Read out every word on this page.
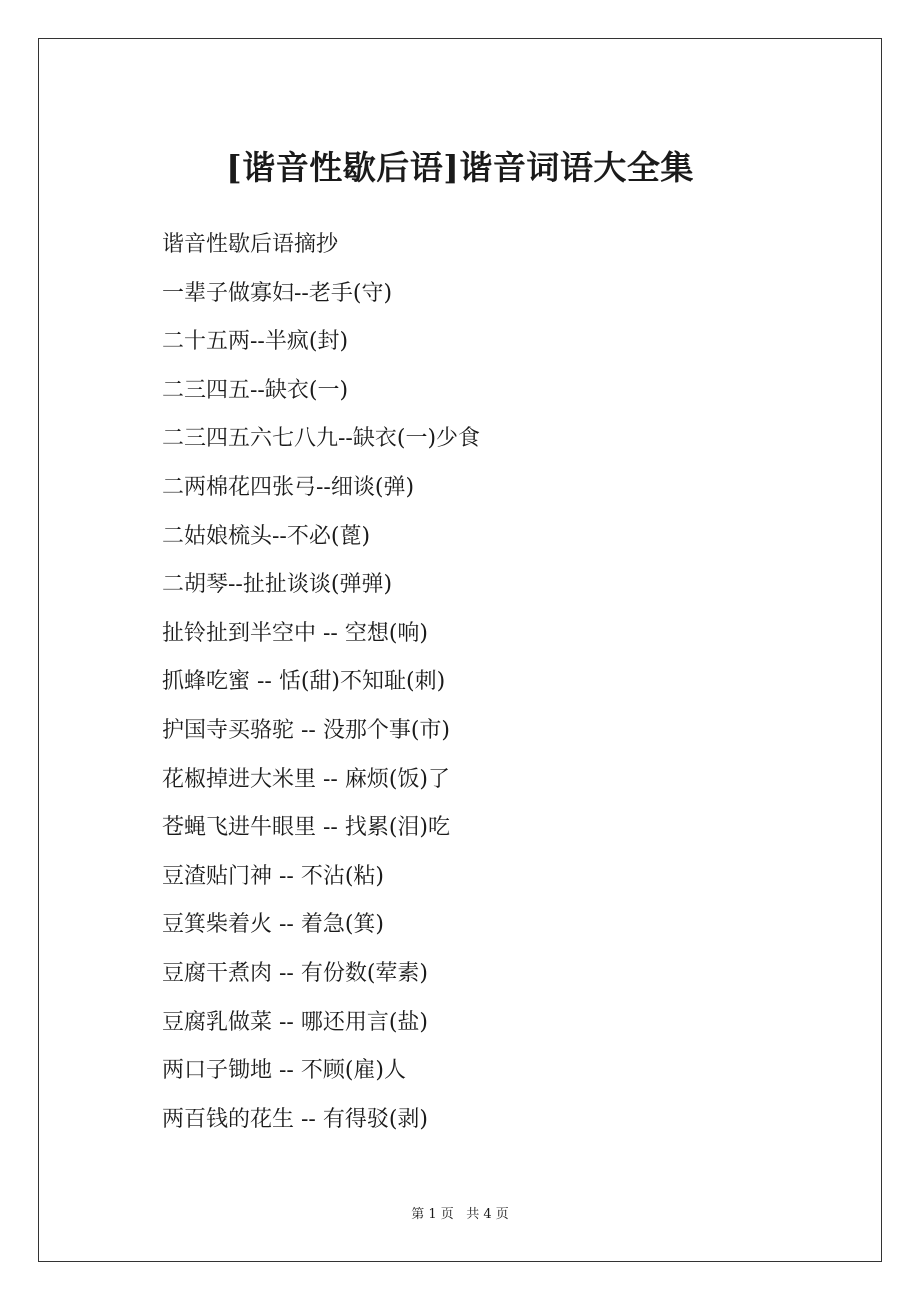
[谐音性歇后语]谐音词语大全集
谐音性歇后语摘抄
一辈子做寡妇--老手(守)
二十五两--半疯(封)
二三四五--缺衣(一)
二三四五六七八九--缺衣(一)少食
二两棉花四张弓--细谈(弹)
二姑娘梳头--不必(蓖)
二胡琴--扯扯谈谈(弹弹)
扯铃扯到半空中 -- 空想(响)
抓蜂吃蜜 -- 恬(甜)不知耻(刺)
护国寺买骆驼 -- 没那个事(市)
花椒掉进大米里 -- 麻烦(饭)了
苍蝇飞进牛眼里 -- 找累(泪)吃
豆渣贴门神 -- 不沾(粘)
豆箕柴着火 -- 着急(箕)
豆腐干煮肉 -- 有份数(荤素)
豆腐乳做菜 -- 哪还用言(盐)
两口子锄地 -- 不顾(雇)人
两百钱的花生 -- 有得驳(剥)
第 1 页   共 4 页
